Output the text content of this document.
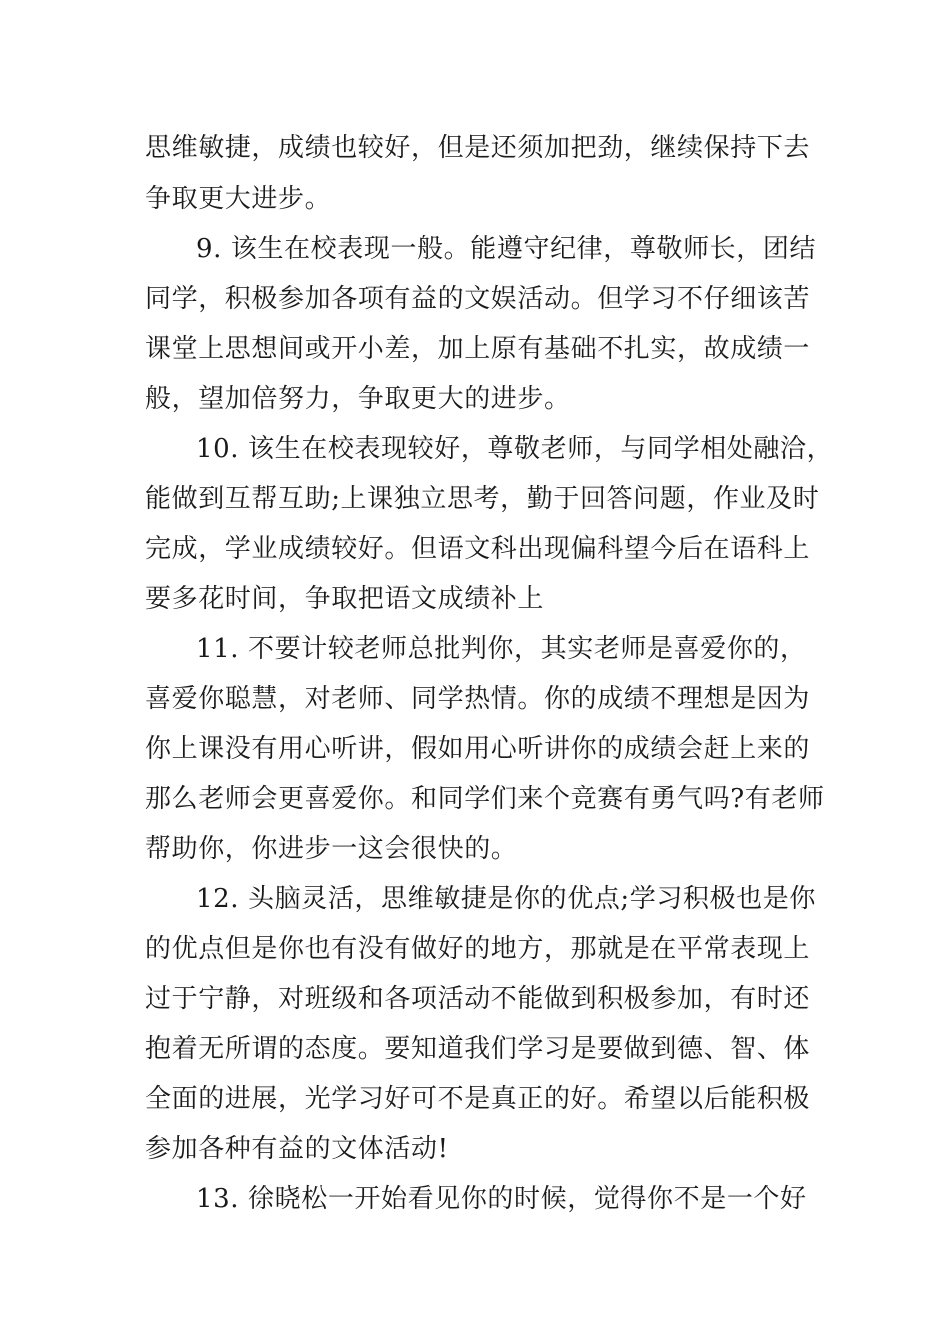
思维敏捷，成绩也较好，但是还须加把劲，继续保持下去
争取更大进步。
9. 该生在校表现一般。能遵守纪律，尊敬师长，团结
同学，积极参加各项有益的文娱活动。但学习不仔细该苦
课堂上思想间或开小差，加上原有基础不扎实，故成绩一
般，望加倍努力，争取更大的进步。
10. 该生在校表现较好，尊敬老师，与同学相处融洽，
能做到互帮互助;上课独立思考，勤于回答问题，作业及时
完成，学业成绩较好。但语文科出现偏科望今后在语科上
要多花时间，争取把语文成绩补上
11. 不要计较老师总批判你，其实老师是喜爱你的，
喜爱你聪慧，对老师、同学热情。你的成绩不理想是因为
你上课没有用心听讲，假如用心听讲你的成绩会赶上来的
那么老师会更喜爱你。和同学们来个竞赛有勇气吗?有老师
帮助你，你进步一这会很快的。
12. 头脑灵活，思维敏捷是你的优点;学习积极也是你
的优点但是你也有没有做好的地方，那就是在平常表现上
过于宁静，对班级和各项活动不能做到积极参加，有时还
抱着无所谓的态度。要知道我们学习是要做到德、智、体
全面的进展，光学习好可不是真正的好。希望以后能积极
参加各种有益的文体活动!
13. 徐晓松一开始看见你的时候，觉得你不是一个好
